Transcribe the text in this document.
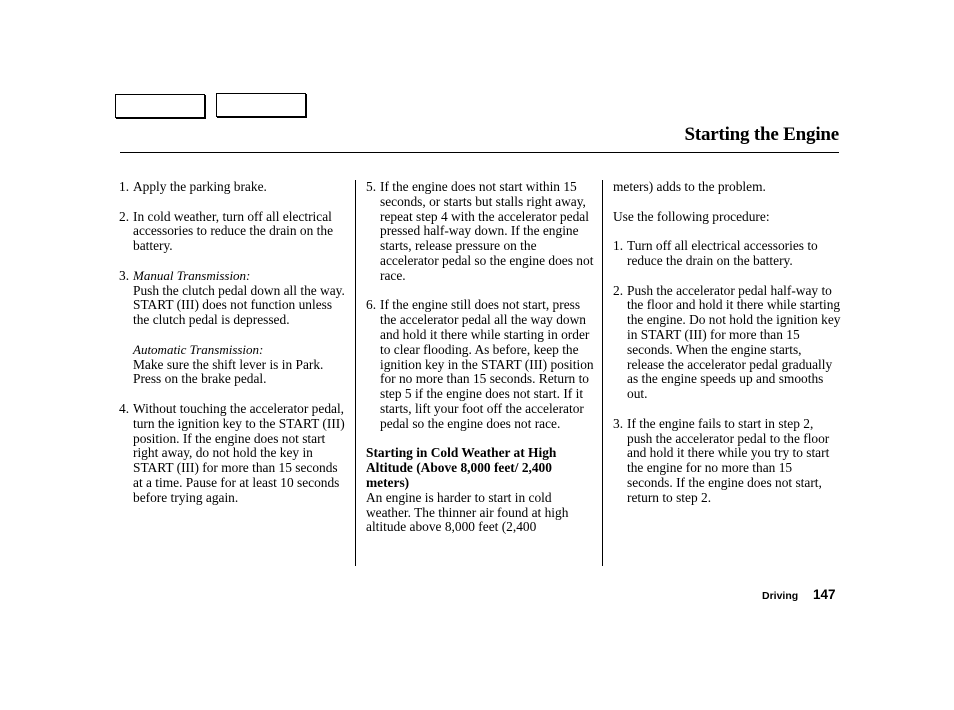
Starting the Engine
1. Apply the parking brake.
2. In cold weather, turn off all electrical accessories to reduce the drain on the battery.
3. Manual Transmission:
Push the clutch pedal down all the way. START (III) does not function unless the clutch pedal is depressed.
Automatic Transmission:
Make sure the shift lever is in Park. Press on the brake pedal.
4. Without touching the accelerator pedal, turn the ignition key to the START (III) position. If the engine does not start right away, do not hold the key in START (III) for more than 15 seconds at a time. Pause for at least 10 seconds before trying again.
5. If the engine does not start within 15 seconds, or starts but stalls right away, repeat step 4 with the accelerator pedal pressed half-way down. If the engine starts, release pressure on the accelerator pedal so the engine does not race.
6. If the engine still does not start, press the accelerator pedal all the way down and hold it there while starting in order to clear flooding. As before, keep the ignition key in the START (III) position for no more than 15 seconds. Return to step 5 if the engine does not start. If it starts, lift your foot off the accelerator pedal so the engine does not race.
Starting in Cold Weather at High Altitude (Above 8,000 feet/ 2,400 meters)
An engine is harder to start in cold weather. The thinner air found at high altitude above 8,000 feet (2,400
meters) adds to the problem.
Use the following procedure:
1. Turn off all electrical accessories to reduce the drain on the battery.
2. Push the accelerator pedal half-way to the floor and hold it there while starting the engine. Do not hold the ignition key in START (III) for more than 15 seconds. When the engine starts, release the accelerator pedal gradually as the engine speeds up and smooths out.
3. If the engine fails to start in step 2, push the accelerator pedal to the floor and hold it there while you try to start the engine for no more than 15 seconds. If the engine does not start, return to step 2.
Driving 147
